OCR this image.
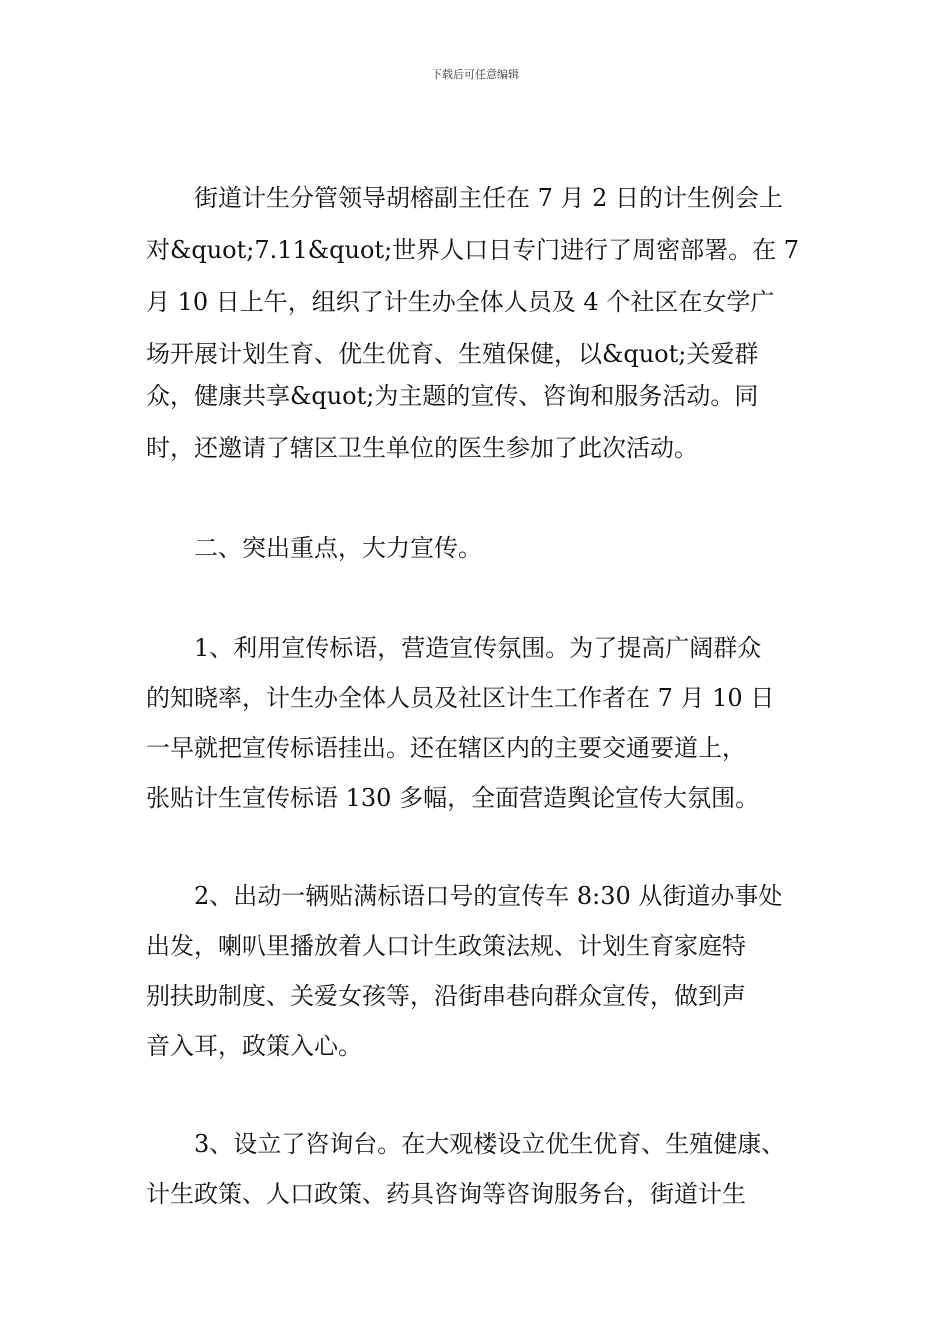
下载后可任意编辑
　　街道计生分管领导胡榕副主任在 7 月 2 日的计生例会上
对&quot;7.11&quot;世界人口日专门进行了周密部署。在 7
月 10 日上午，组织了计生办全体人员及 4 个社区在女学广
场开展计划生育、优生优育、生殖保健，以&quot;关爱群
众，健康共享&quot;为主题的宣传、咨询和服务活动。同
时，还邀请了辖区卫生单位的医生参加了此次活动。
　　二、突出重点，大力宣传。
　　1、利用宣传标语，营造宣传氛围。为了提高广阔群众
的知晓率，计生办全体人员及社区计生工作者在 7 月 10 日
一早就把宣传标语挂出。还在辖区内的主要交通要道上，
张贴计生宣传标语 130 多幅，全面营造舆论宣传大氛围。
　　2、出动一辆贴满标语口号的宣传车 8:30 从街道办事处
出发，喇叭里播放着人口计生政策法规、计划生育家庭特
别扶助制度、关爱女孩等，沿街串巷向群众宣传，做到声
音入耳，政策入心。
　　3、设立了咨询台。在大观楼设立优生优育、生殖健康、
计生政策、人口政策、药具咨询等咨询服务台，街道计生
